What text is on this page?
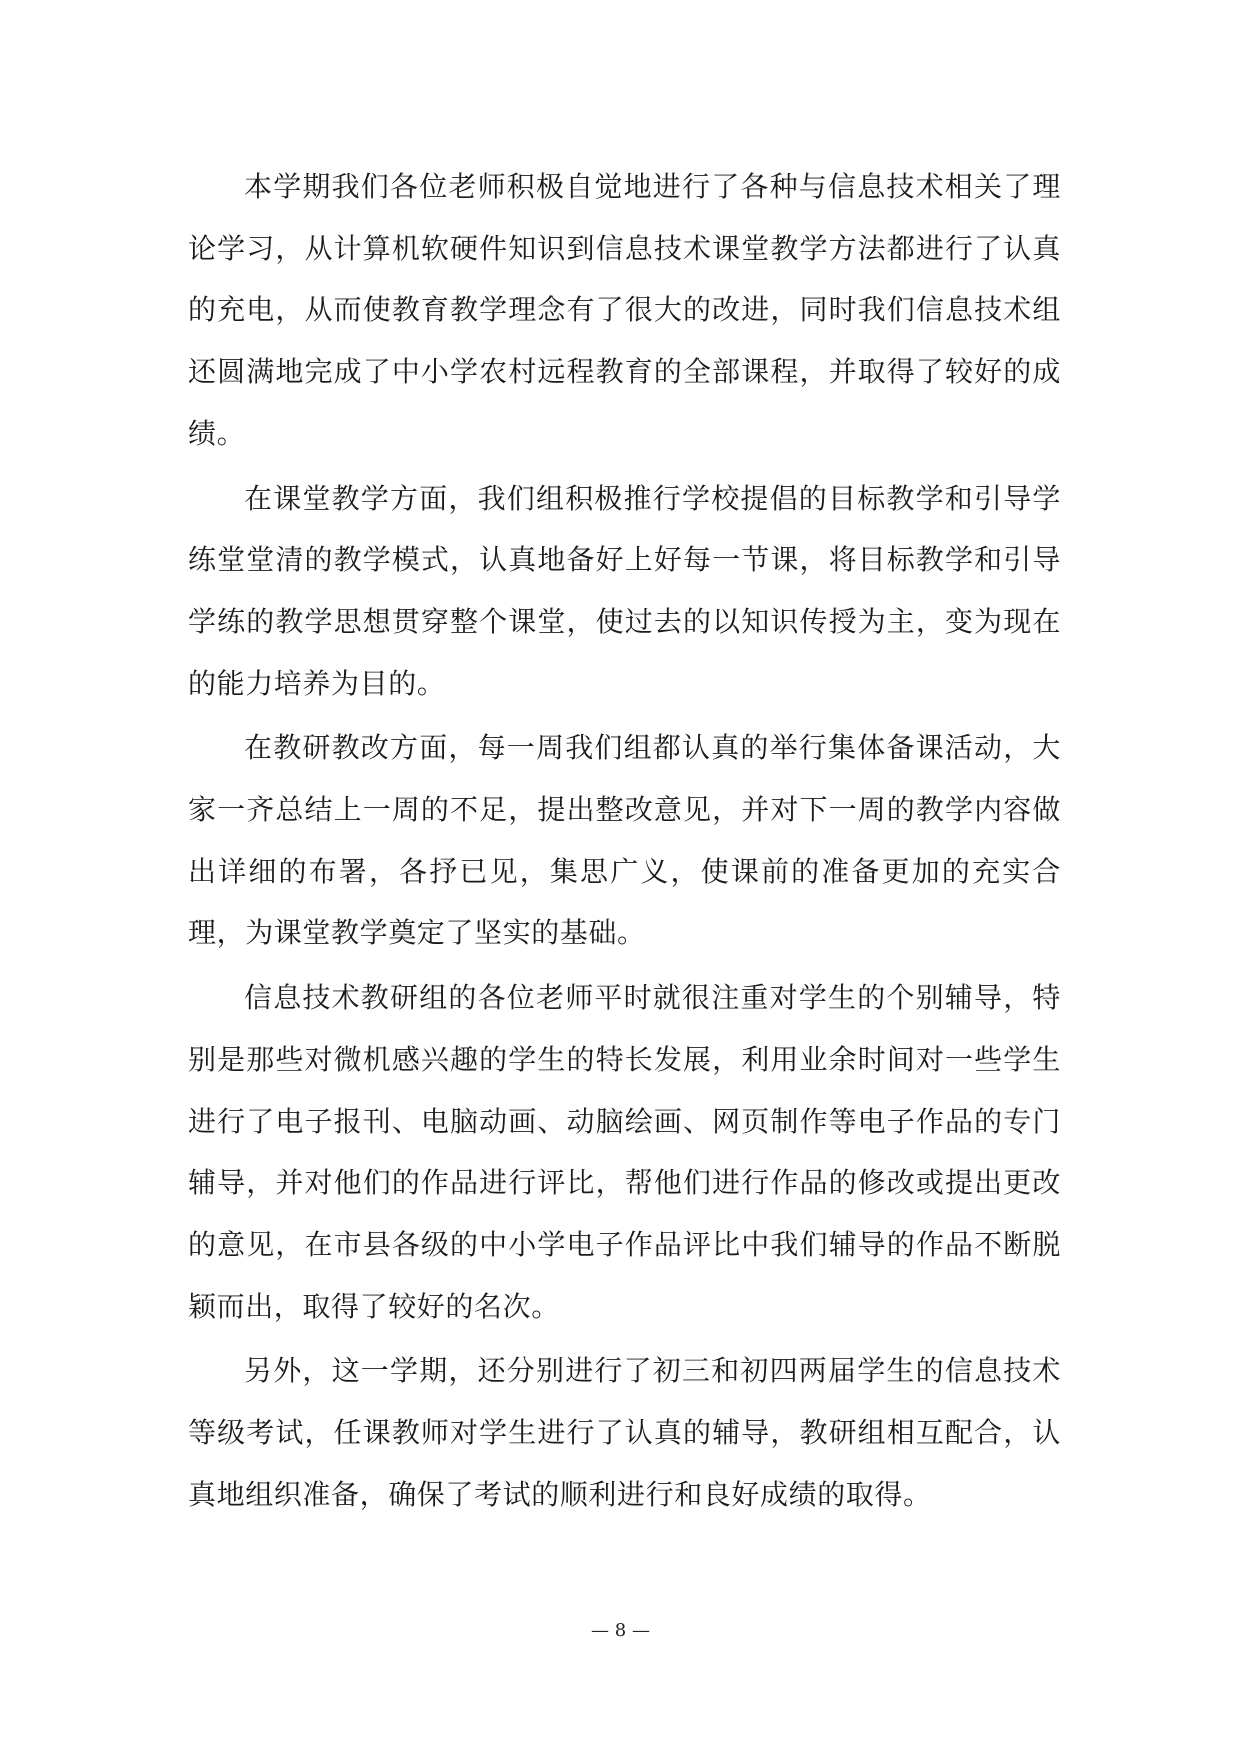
本学期我们各位老师积极自觉地进行了各种与信息技术相关了理论学习，从计算机软硬件知识到信息技术课堂教学方法都进行了认真的充电，从而使教育教学理念有了很大的改进，同时我们信息技术组还圆满地完成了中小学农村远程教育的全部课程，并取得了较好的成绩。

在课堂教学方面，我们组积极推行学校提倡的目标教学和引导学练堂堂清的教学模式，认真地备好上好每一节课，将目标教学和引导学练的教学思想贯穿整个课堂，使过去的以知识传授为主，变为现在的能力培养为目的。

在教研教改方面，每一周我们组都认真的举行集体备课活动，大家一齐总结上一周的不足，提出整改意见，并对下一周的教学内容做出详细的布署，各抒已见，集思广义，使课前的准备更加的充实合理，为课堂教学奠定了坚实的基础。

信息技术教研组的各位老师平时就很注重对学生的个别辅导，特别是那些对微机感兴趣的学生的特长发展，利用业余时间对一些学生进行了电子报刊、电脑动画、动脑绘画、网页制作等电子作品的专门辅导，并对他们的作品进行评比，帮他们进行作品的修改或提出更改的意见，在市县各级的中小学电子作品评比中我们辅导的作品不断脱颖而出，取得了较好的名次。

另外，这一学期，还分别进行了初三和初四两届学生的信息技术等级考试，任课教师对学生进行了认真的辅导，教研组相互配合，认真地组织准备，确保了考试的顺利进行和良好成绩的取得。

— 8 —
